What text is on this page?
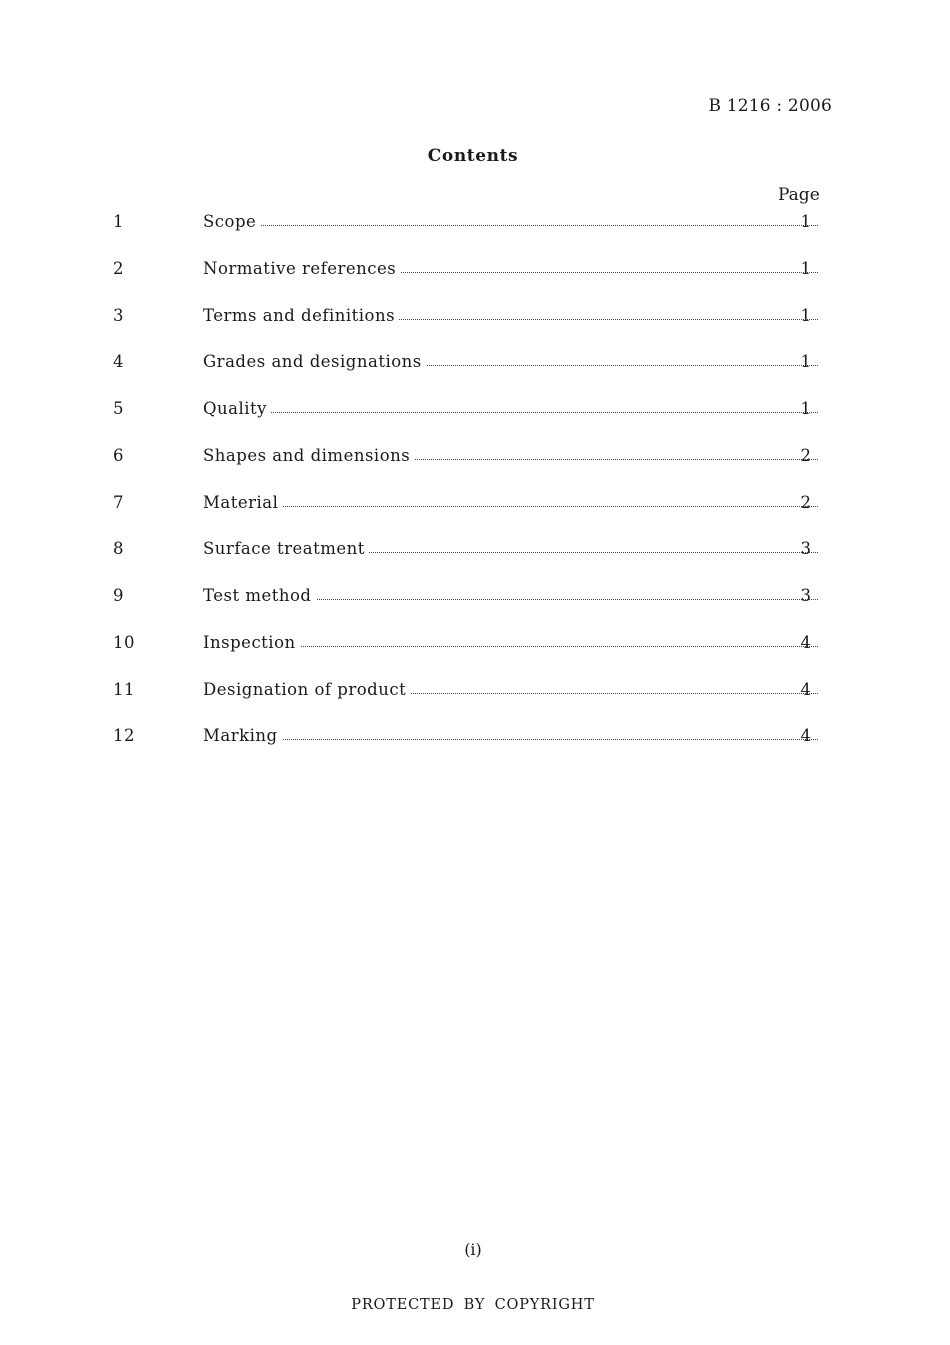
B 1216 : 2006
Contents
Page
1	Scope	1
2	Normative references	1
3	Terms and definitions	1
4	Grades and designations	1
5	Quality	1
6	Shapes and dimensions	2
7	Material	2
8	Surface treatment	3
9	Test method	3
10	Inspection	4
11	Designation of product	4
12	Marking	4
(i)
PROTECTED BY COPYRIGHT
